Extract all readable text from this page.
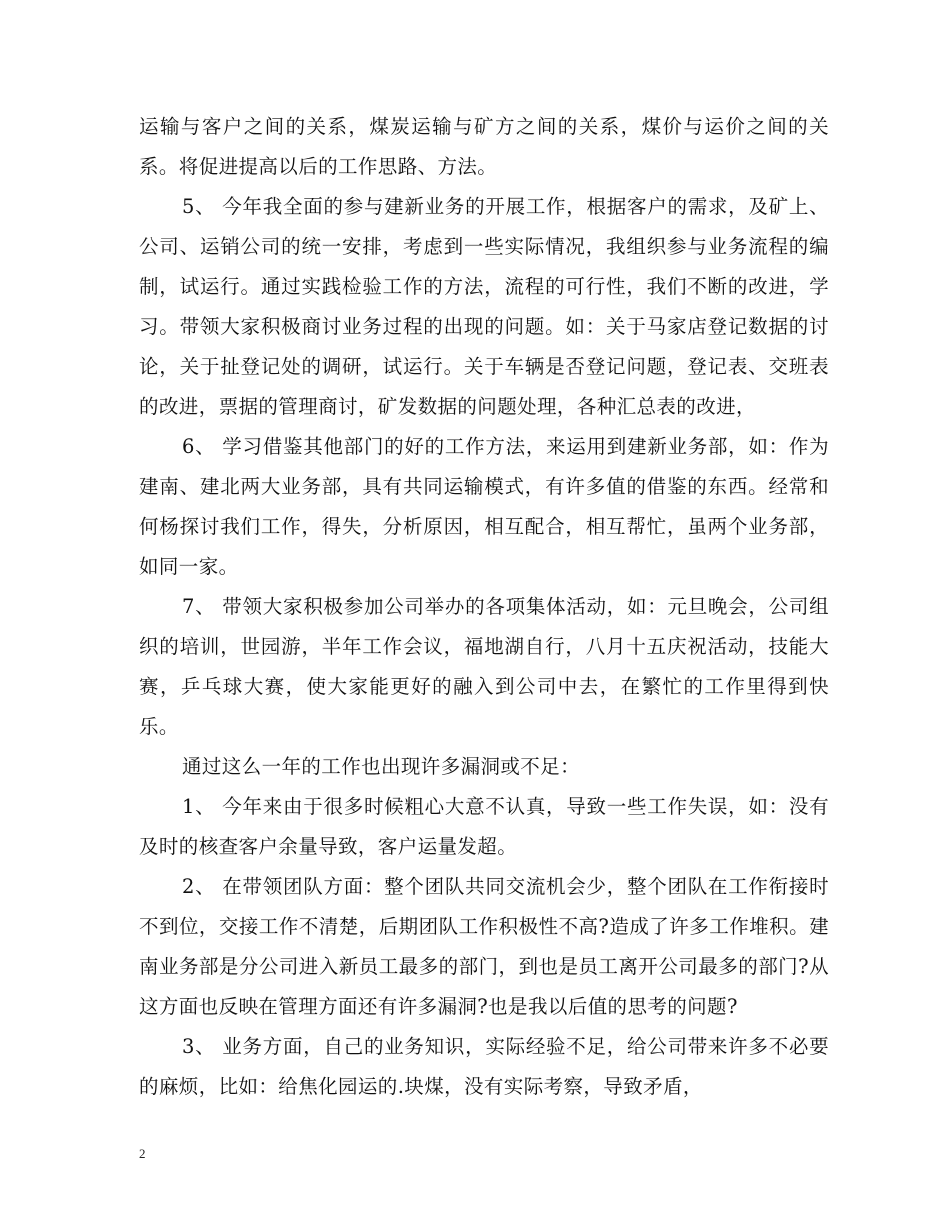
运输与客户之间的关系，煤炭运输与矿方之间的关系，煤价与运价之间的关系。将促进提高以后的工作思路、方法。

5、 今年我全面的参与建新业务的开展工作，根据客户的需求，及矿上、公司、运销公司的统一安排，考虑到一些实际情况，我组织参与业务流程的编制，试运行。通过实践检验工作的方法，流程的可行性，我们不断的改进，学习。带领大家积极商讨业务过程的出现的问题。如：关于马家店登记数据的讨论，关于扯登记处的调研，试运行。关于车辆是否登记问题，登记表、交班表的改进，票据的管理商讨，矿发数据的问题处理，各种汇总表的改进，

6、 学习借鉴其他部门的好的工作方法，来运用到建新业务部，如：作为建南、建北两大业务部，具有共同运输模式，有许多值的借鉴的东西。经常和何杨探讨我们工作，得失，分析原因，相互配合，相互帮忙，虽两个业务部，如同一家。

7、 带领大家积极参加公司举办的各项集体活动，如：元旦晚会，公司组织的培训，世园游，半年工作会议，福地湖自行，八月十五庆祝活动，技能大赛，乒乓球大赛，使大家能更好的融入到公司中去，在繁忙的工作里得到快乐。

通过这么一年的工作也出现许多漏洞或不足：

1、 今年来由于很多时候粗心大意不认真，导致一些工作失误，如：没有及时的核查客户余量导致，客户运量发超。

2、 在带领团队方面：整个团队共同交流机会少，整个团队在工作衔接时不到位，交接工作不清楚，后期团队工作积极性不高?造成了许多工作堆积。建南业务部是分公司进入新员工最多的部门，到也是员工离开公司最多的部门?从这方面也反映在管理方面还有许多漏洞?也是我以后值的思考的问题?

3、 业务方面，自己的业务知识，实际经验不足，给公司带来许多不必要的麻烦，比如：给焦化园运的.块煤，没有实际考察，导致矛盾，

2
